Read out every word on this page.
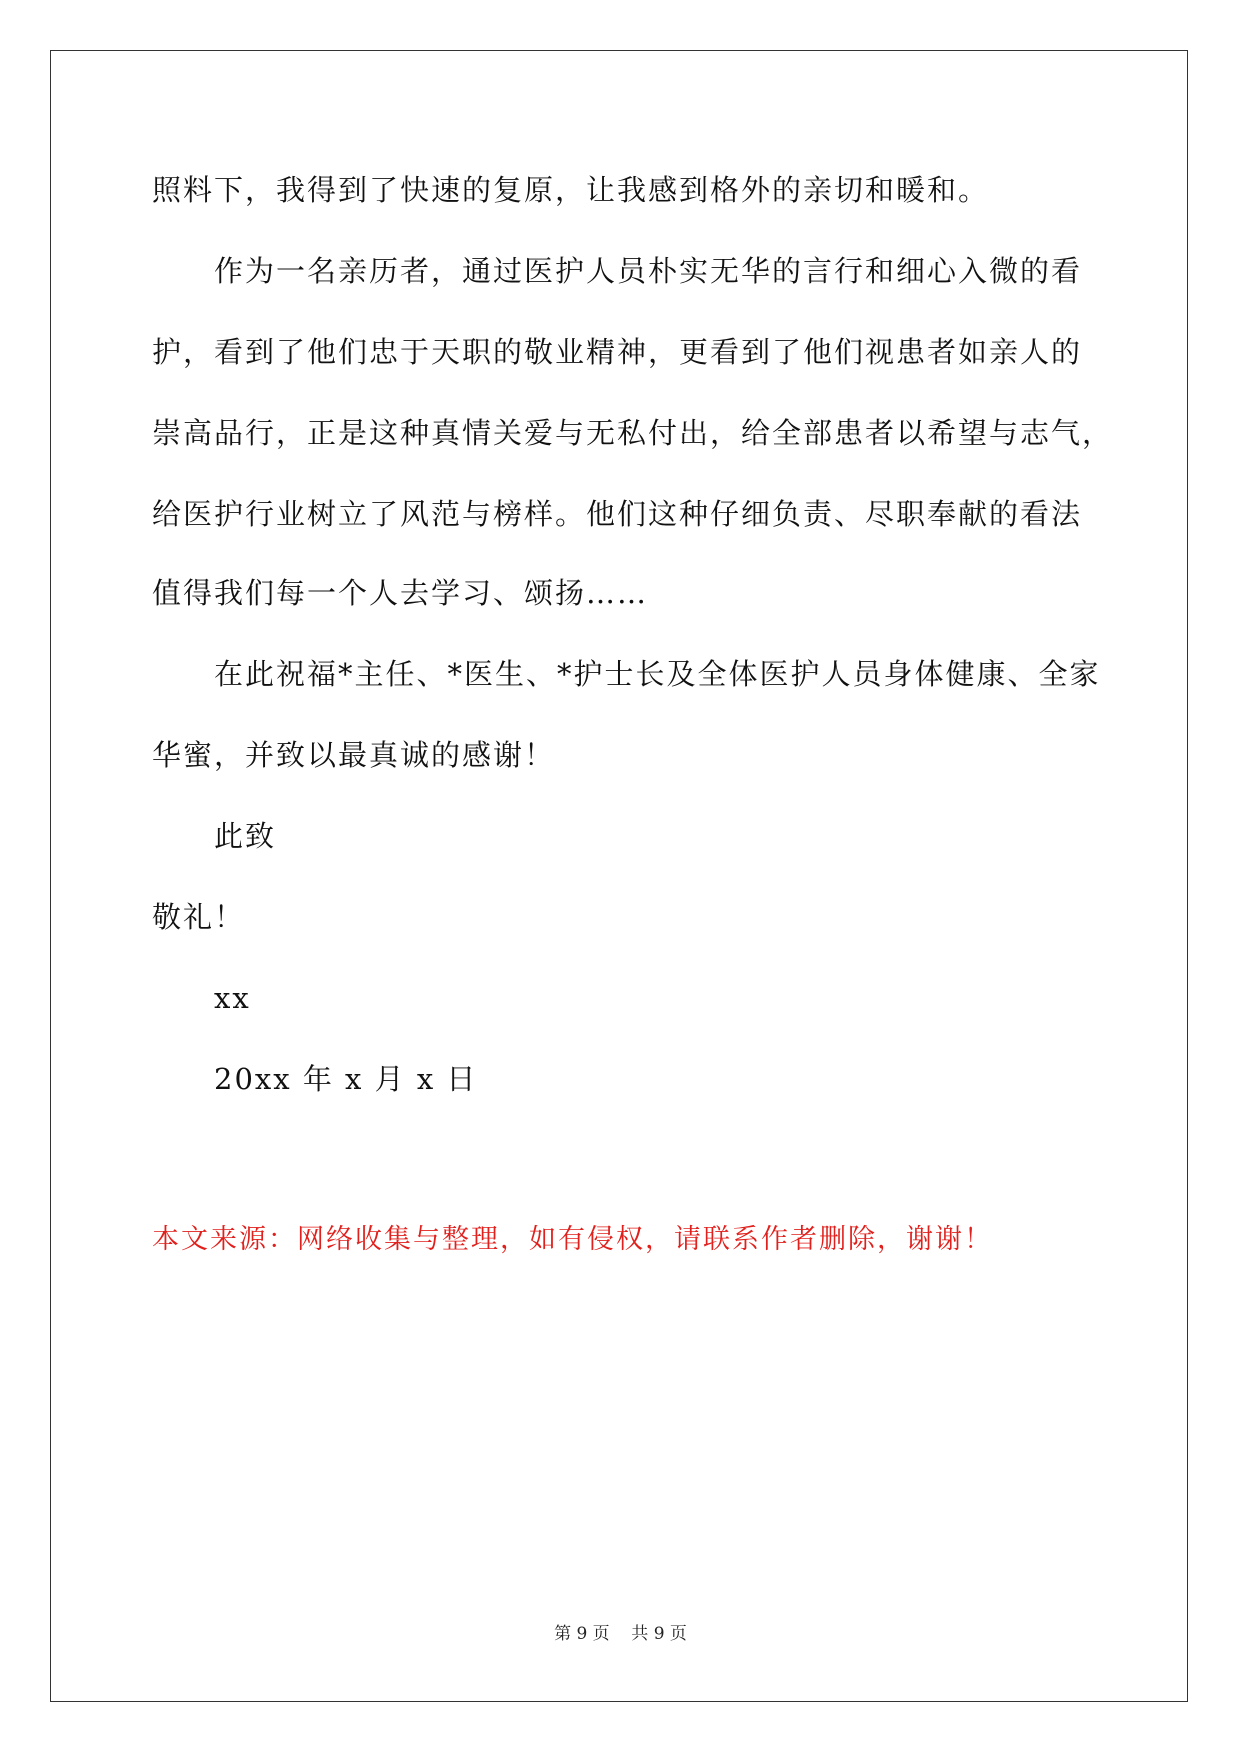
照料下，我得到了快速的复原，让我感到格外的亲切和暖和。
作为一名亲历者，通过医护人员朴实无华的言行和细心入微的看
护，看到了他们忠于天职的敬业精神，更看到了他们视患者如亲人的
崇高品行，正是这种真情关爱与无私付出，给全部患者以希望与志气，
给医护行业树立了风范与榜样。他们这种仔细负责、尽职奉献的看法
值得我们每一个人去学习、颂扬……
在此祝福*主任、*医生、*护士长及全体医护人员身体健康、全家
华蜜，并致以最真诚的感谢！
此致
敬礼！
xx
20xx 年 x 月 x 日
本文来源：网络收集与整理，如有侵权，请联系作者删除，谢谢！
第 9 页    共 9 页
